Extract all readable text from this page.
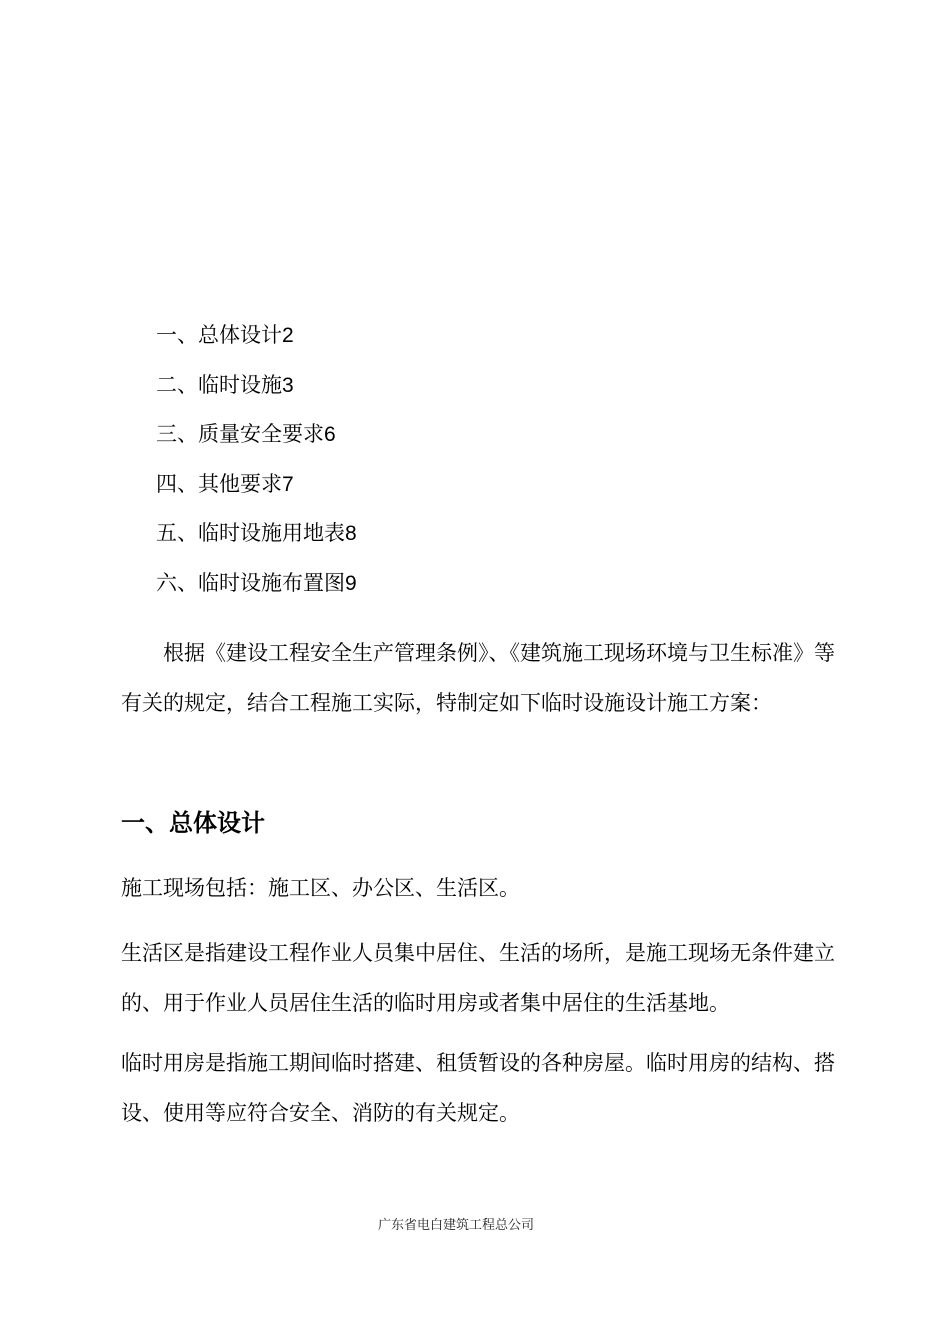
一、总体设计2
二、临时设施3
三、质量安全要求6
四、其他要求7
五、临时设施用地表8
六、临时设施布置图9

根据《建设工程安全生产管理条例》、《建筑施工现场环境与卫生标准》等有关的规定，结合工程施工实际，特制定如下临时设施设计施工方案：

一、总体设计

施工现场包括：施工区、办公区、生活区。

生活区是指建设工程作业人员集中居住、生活的场所，是施工现场无条件建立的、用于作业人员居住生活的临时用房或者集中居住的生活基地。

临时用房是指施工期间临时搭建、租赁暂设的各种房屋。临时用房的结构、搭设、使用等应符合安全、消防的有关规定。

广东省电白建筑工程总公司
